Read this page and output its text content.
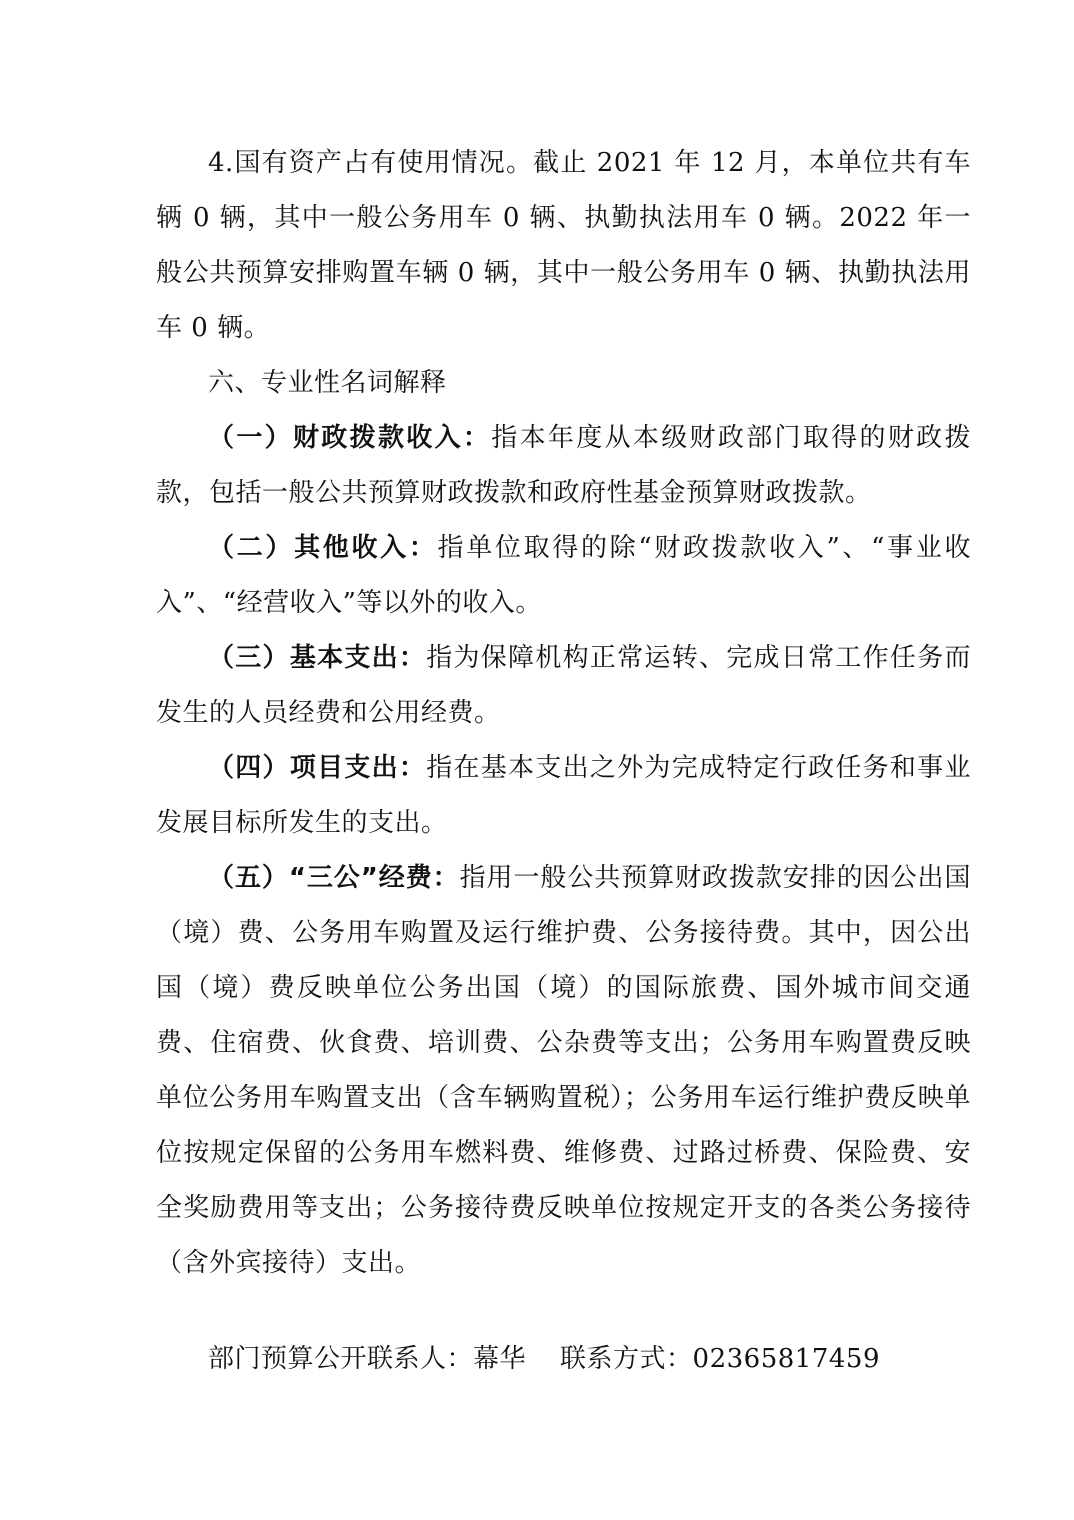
4.国有资产占有使用情况。截止 2021 年 12 月，本单位共有车辆 0 辆，其中一般公务用车 0 辆、执勤执法用车 0 辆。2022 年一般公共预算安排购置车辆 0 辆，其中一般公务用车 0 辆、执勤执法用车 0 辆。

六、专业性名词解释

（一）财政拨款收入：指本年度从本级财政部门取得的财政拨款，包括一般公共预算财政拨款和政府性基金预算财政拨款。

（二）其他收入：指单位取得的除“财政拨款收入”、“事业收入”、“经营收入”等以外的收入。

（三）基本支出：指为保障机构正常运转、完成日常工作任务而发生的人员经费和公用经费。

（四）项目支出：指在基本支出之外为完成特定行政任务和事业发展目标所发生的支出。

（五）“三公”经费：指用一般公共预算财政拨款安排的因公出国（境）费、公务用车购置及运行维护费、公务接待费。其中，因公出国（境）费反映单位公务出国（境）的国际旅费、国外城市间交通费、住宿费、伙食费、培训费、公杂费等支出；公务用车购置费反映单位公务用车购置支出（含车辆购置税）；公务用车运行维护费反映单位按规定保留的公务用车燃料费、维修费、过路过桥费、保险费、安全奖励费用等支出；公务接待费反映单位按规定开支的各类公务接待（含外宾接待）支出。

部门预算公开联系人：幕华 联系方式：02365817459
